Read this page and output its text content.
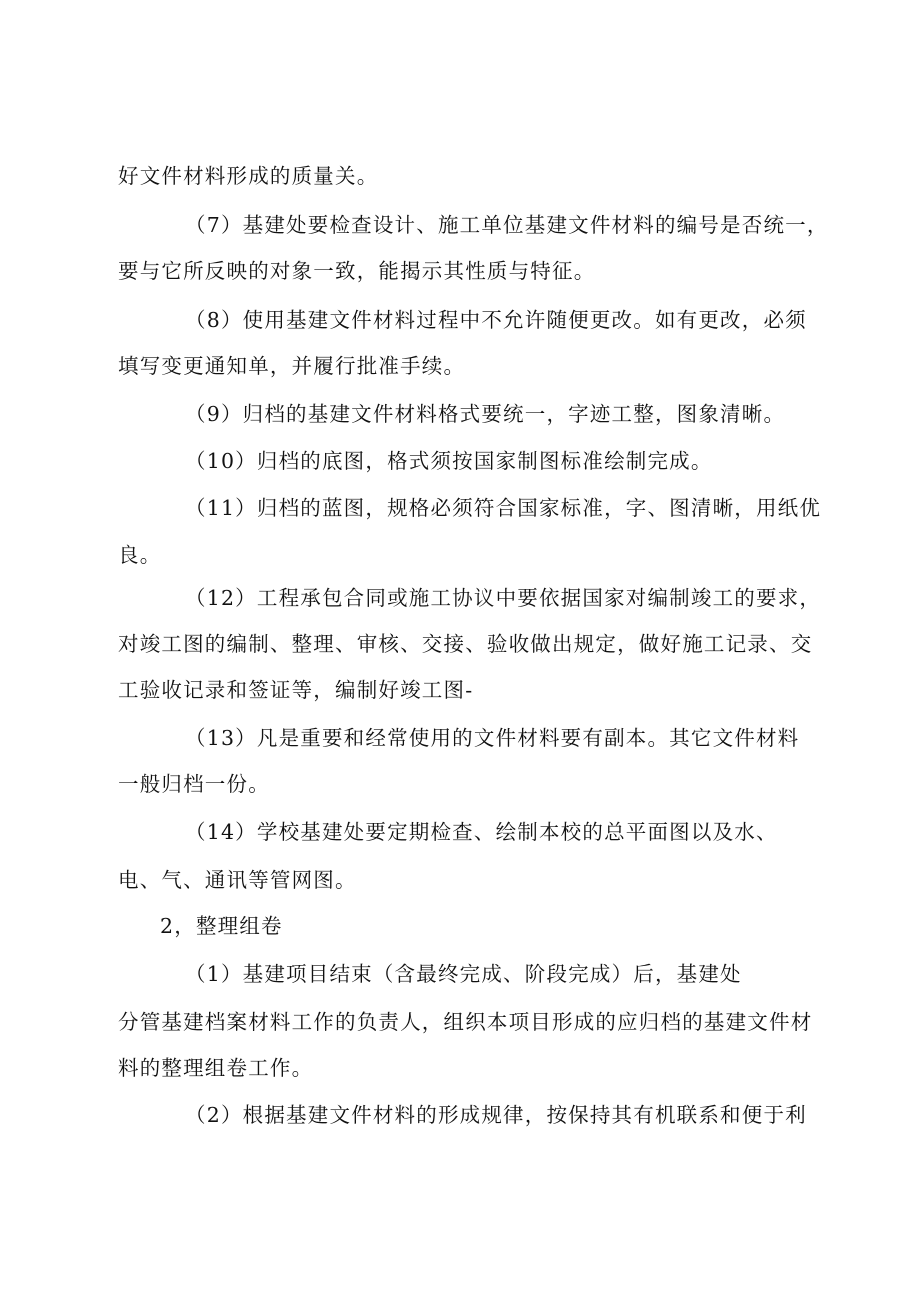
好文件材料形成的质量关。
（7）基建处要检查设计、施工单位基建文件材料的编号是否统一，
要与它所反映的对象一致，能揭示其性质与特征。
（8）使用基建文件材料过程中不允许随便更改。如有更改，必须
填写变更通知单，并履行批准手续。
（9）归档的基建文件材料格式要统一，字迹工整，图象清晰。
（10）归档的底图，格式须按国家制图标准绘制完成。
（11）归档的蓝图，规格必须符合国家标准，字、图清晰，用纸优
良。
（12）工程承包合同或施工协议中要依据国家对编制竣工的要求，
对竣工图的编制、整理、审核、交接、验收做出规定，做好施工记录、交
工验收记录和签证等，编制好竣工图-
（13）凡是重要和经常使用的文件材料要有副本。其它文件材料
一般归档一份。
（14）学校基建处要定期检查、绘制本校的总平面图以及水、
电、气、通讯等管网图。
2，整理组卷
（1）基建项目结束（含最终完成、阶段完成）后，基建处
分管基建档案材料工作的负责人，组织本项目形成的应归档的基建文件材
料的整理组卷工作。
（2）根据基建文件材料的形成规律，按保持其有机联系和便于利
